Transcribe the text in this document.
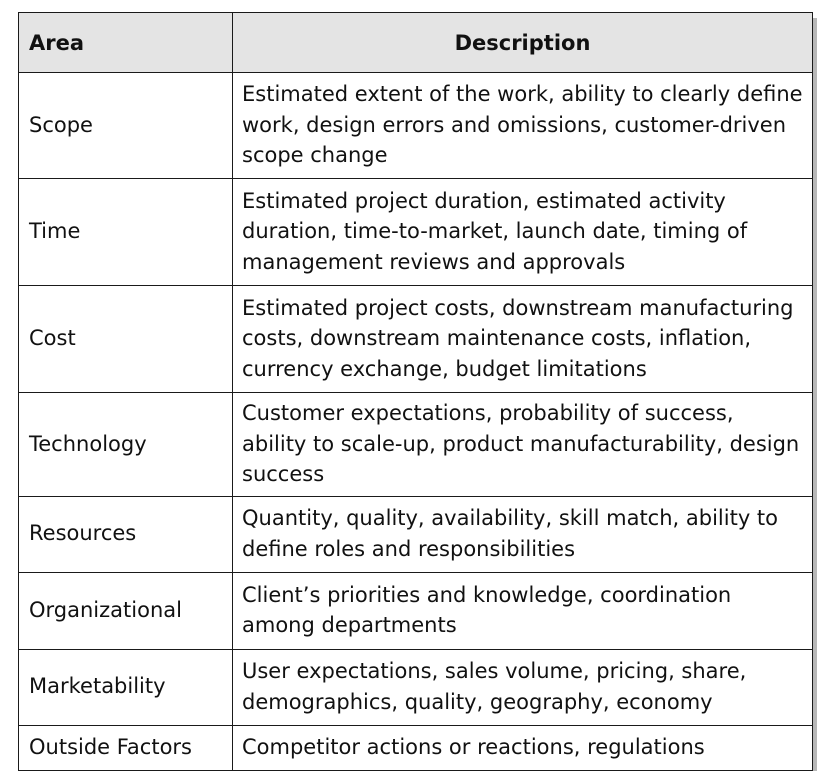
Area	Description
Scope	Estimated extent of the work, ability to clearly define work, design errors and omissions, customer-driven scope change
Time	Estimated project duration, estimated activity duration, time-to-market, launch date, timing of management reviews and approvals
Cost	Estimated project costs, downstream manufacturing costs, downstream maintenance costs, inflation, currency exchange, budget limitations
Technology	Customer expectations, probability of success, ability to scale-up, product manufacturability, design success
Resources	Quantity, quality, availability, skill match, ability to define roles and responsibilities
Organizational	Client’s priorities and knowledge, coordination among departments
Marketability	User expectations, sales volume, pricing, share, demographics, quality, geography, economy
Outside Factors	Competitor actions or reactions, regulations
